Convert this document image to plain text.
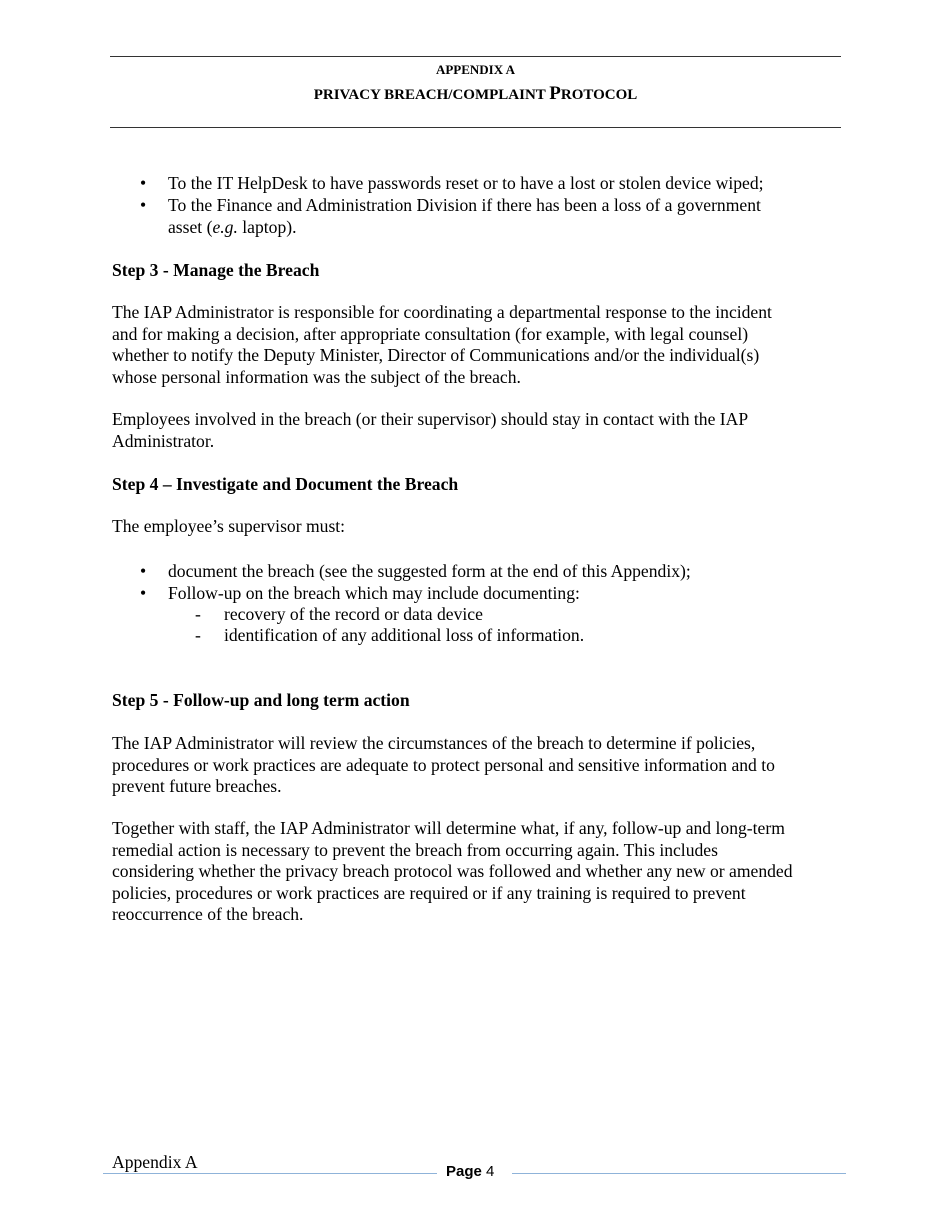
APPENDIX A
PRIVACY BREACH/COMPLAINT PROTOCOL
• To the IT HelpDesk to have passwords reset or to have a lost or stolen device wiped;
• To the Finance and Administration Division if there has been a loss of a government
asset (e.g. laptop).
Step 3 - Manage the Breach
The IAP Administrator is responsible for coordinating a departmental response to the incident
and for making a decision, after appropriate consultation (for example, with legal counsel)
whether to notify the Deputy Minister, Director of Communications and/or the individual(s)
whose personal information was the subject of the breach.
Employees involved in the breach (or their supervisor) should stay in contact with the IAP
Administrator.
Step 4 – Investigate and Document the Breach
The employee’s supervisor must:
• document the breach (see the suggested form at the end of this Appendix);
• Follow-up on the breach which may include documenting:
- recovery of the record or data device
- identification of any additional loss of information.
Step 5 - Follow-up and long term action
The IAP Administrator will review the circumstances of the breach to determine if policies,
procedures or work practices are adequate to protect personal and sensitive information and to
prevent future breaches.
Together with staff, the IAP Administrator will determine what, if any, follow-up and long-term
remedial action is necessary to prevent the breach from occurring again. This includes
considering whether the privacy breach protocol was followed and whether any new or amended
policies, procedures or work practices are required or if any training is required to prevent
reoccurrence of the breach.
Appendix A	Page 4
